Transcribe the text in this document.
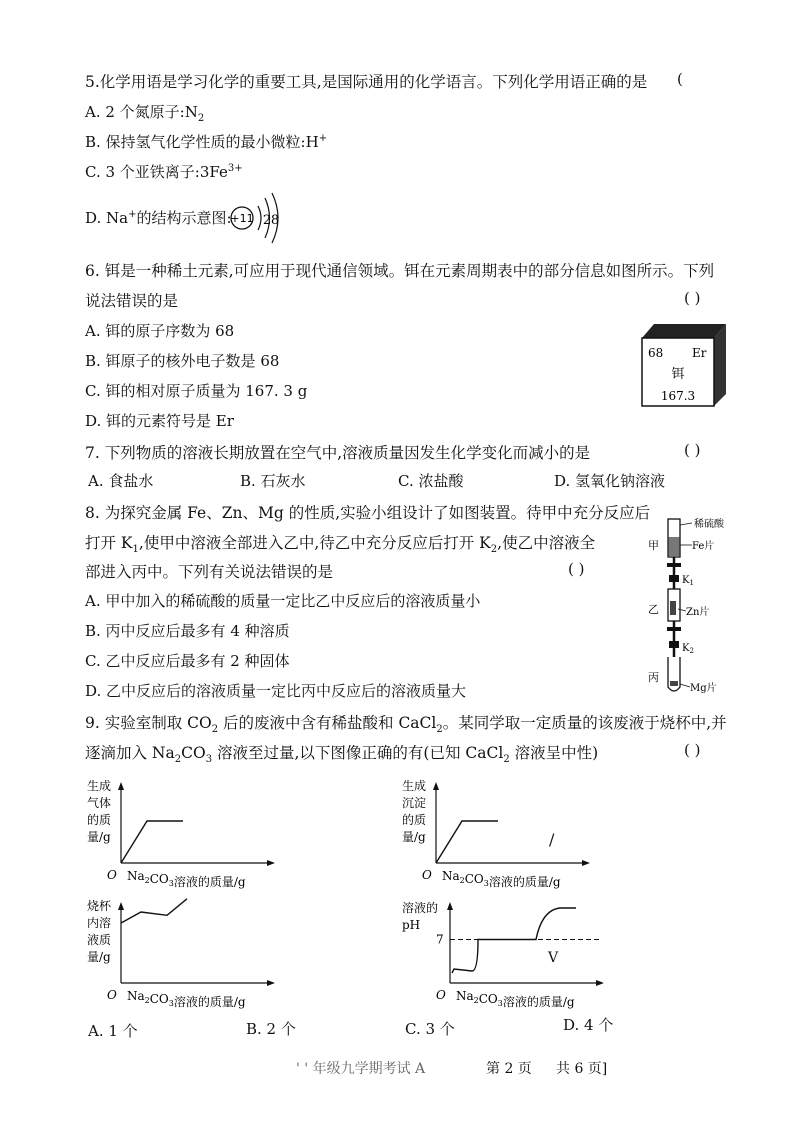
5.化学用语是学习化学的重要工具,是国际通用的化学语言。下列化学用语正确的是 (
A. 2 个氮原子$:N_2$
B. 保持氢气化学性质的最小微粒:H+
C. 3 个亚铁离子$:3Fe^{3+}$
D. Na+的结构示意图:
+11 2 8
6. 铒是一种稀土元素,可应用于现代通信领域。铒在元素周期表中的部分信息如图所示。下列
说法错误的是	( )
A. 铒的原子序数为 68
B. 铒原子的核外电子数是 68
C. 铒的相对原子质量为 167. 3 g
D. 铒的元素符号是 Er
68 Er
铒
167.3
7. 下列物质的溶液长期放置在空气中,溶液质量因发生化学变化而减小的是	( )
A. 食盐水	B. 石灰水	C. 浓盐酸	D. 氢氧化钠溶液
8. 为探究金属 Fe、Zn、Mg 的性质,实验小组设计了如图装置。待甲中充分反应后
打开 $K_1$,使甲中溶液全部进入乙中,待乙中充分反应后打开 $K_2$,使乙中溶液全
部进入丙中。下列有关说法错误的是	( )
A. 甲中加入的稀硫酸的质量一定比乙中反应后的溶液质量小
B. 丙中反应后最多有 4 种溶质
C. 乙中反应后最多有 2 种固体
D. 乙中反应后的溶液质量一定比丙中反应后的溶液质量大
稀硫酸
Fe片
甲
$K_1$
Zn片
乙
$K_2$
Mg片
丙
9. 实验室制取 $CO_2$ 后的废液中含有稀盐酸和 CaCl$_2$。某同学取一定质量的该废液于烧杯中,并
逐滴加入 $Na_2CO_3$ 溶液至过量,以下图像正确的有(已知 CaCl$_2$ 溶液呈中性)	( )
生成
气体
的质
量/g
O $Na_2CO_3$溶液的质量/g
生成
沉淀
的质
量/g
O $Na_2CO_3$溶液的质量/g
/
烧杯
内溶
液质
量/g
O $Na_2CO_3$溶液的质量/g
溶液的
pH
O $Na_2CO_3$溶液的质量/g
7
V
A. 1 个	B. 2 个	C. 3 个	D. 4 个
' ' 年级九学期考试 A	第 2 页 共 6 页]
